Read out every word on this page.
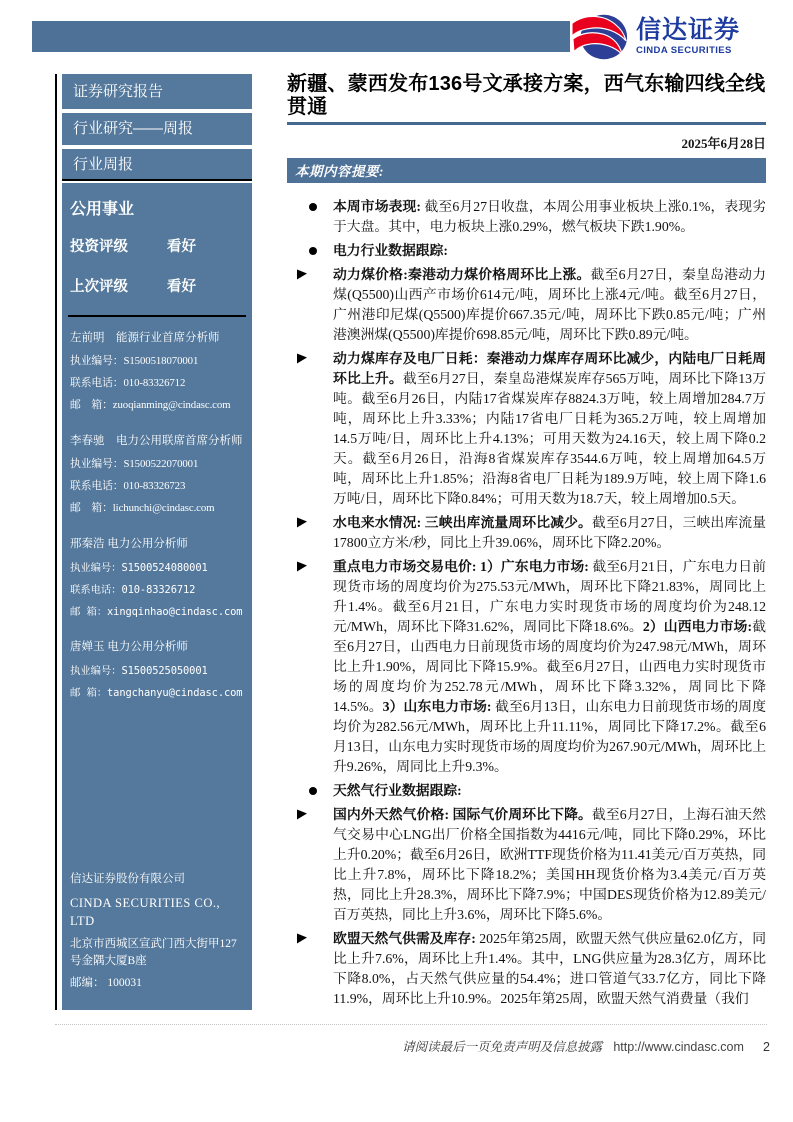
信达证券
CINDA SECURITIES
证券研究报告
行业研究——周报
行业周报
公用事业
投资评级	看好
上次评级	看好
左前明　能源行业首席分析师
执业编号：S1500518070001
联系电话：010-83326712
邮　箱：zuoqianming@cindasc.com
李春驰　电力公用联席首席分析师
执业编号：S1500522070001
联系电话：010-83326723
邮　箱：lichunchi@cindasc.com
邢秦浩 电力公用分析师
执业编号：S1500524080001
联系电话：010-83326712
邮 箱：xingqinhao@cindasc.com
唐婵玉 电力公用分析师
执业编号：S1500525050001
邮 箱：tangchanyu@cindasc.com
信达证券股份有限公司
CINDA SECURITIES CO., LTD
北京市西城区宣武门西大街甲127号金隅大厦B座
邮编： 100031
新疆、蒙西发布136号文承接方案，西气东输四线全线贯通
2025年6月28日
本期内容提要:
本周市场表现: 截至6月27日收盘，本周公用事业板块上涨0.1%，表现劣于大盘。其中，电力板块上涨0.29%，燃气板块下跌1.90%。
电力行业数据跟踪:
动力煤价格:秦港动力煤价格周环比上涨。截至6月27日，秦皇岛港动力煤(Q5500)山西产市场价614元/吨，周环比上涨4元/吨。截至6月27日，广州港印尼煤(Q5500)库提价667.35元/吨，周环比下跌0.85元/吨；广州港澳洲煤(Q5500)库提价698.85元/吨，周环比下跌0.89元/吨。
动力煤库存及电厂日耗：秦港动力煤库存周环比减少，内陆电厂日耗周环比上升。截至6月27日，秦皇岛港煤炭库存565万吨，周环比下降13万吨。截至6月26日，内陆17省煤炭库存8824.3万吨，较上周增加284.7万吨，周环比上升3.33%；内陆17省电厂日耗为365.2万吨，较上周增加14.5万吨/日，周环比上升4.13%；可用天数为24.16天，较上周下降0.2天。截至6月26日，沿海8省煤炭库存3544.6万吨，较上周增加64.5万吨，周环比上升1.85%；沿海8省电厂日耗为189.9万吨，较上周下降1.6万吨/日，周环比下降0.84%；可用天数为18.7天，较上周增加0.5天。
水电来水情况: 三峡出库流量周环比减少。截至6月27日，三峡出库流量17800立方米/秒，同比上升39.06%，周环比下降2.20%。
重点电力市场交易电价: 1）广东电力市场: 截至6月21日，广东电力日前现货市场的周度均价为275.53元/MWh，周环比下降21.83%，周同比上升1.4%。截至6月21日，广东电力实时现货市场的周度均价为248.12元/MWh，周环比下降31.62%，周同比下降18.6%。2）山西电力市场:截至6月27日，山西电力日前现货市场的周度均价为247.98元/MWh，周环比上升1.90%，周同比下降15.9%。截至6月27日，山西电力实时现货市场的周度均价为252.78元/MWh，周环比下降3.32%，周同比下降14.5%。3）山东电力市场: 截至6月13日，山东电力日前现货市场的周度均价为282.56元/MWh，周环比上升11.11%，周同比下降17.2%。截至6月13日，山东电力实时现货市场的周度均价为267.90元/MWh，周环比上升9.26%，周同比上升9.3%。
天然气行业数据跟踪:
国内外天然气价格: 国际气价周环比下降。截至6月27日，上海石油天然气交易中心LNG出厂价格全国指数为4416元/吨，同比下降0.29%，环比上升0.20%；截至6月26日，欧洲TTF现货价格为11.41美元/百万英热，同比上升7.8%，周环比下降18.2%；美国HH现货价格为3.4美元/百万英热，同比上升28.3%，周环比下降7.9%；中国DES现货价格为12.89美元/百万英热，同比上升3.6%，周环比下降5.6%。
欧盟天然气供需及库存: 2025年第25周，欧盟天然气供应量62.0亿方，同比上升7.6%，周环比上升1.4%。其中，LNG供应量为28.3亿方，周环比下降8.0%，占天然气供应量的54.4%；进口管道气33.7亿方，同比下降11.9%，周环比上升10.9%。2025年第25周，欧盟天然气消费量（我们
请阅读最后一页免责声明及信息披露 http://www.cindasc.com 2
